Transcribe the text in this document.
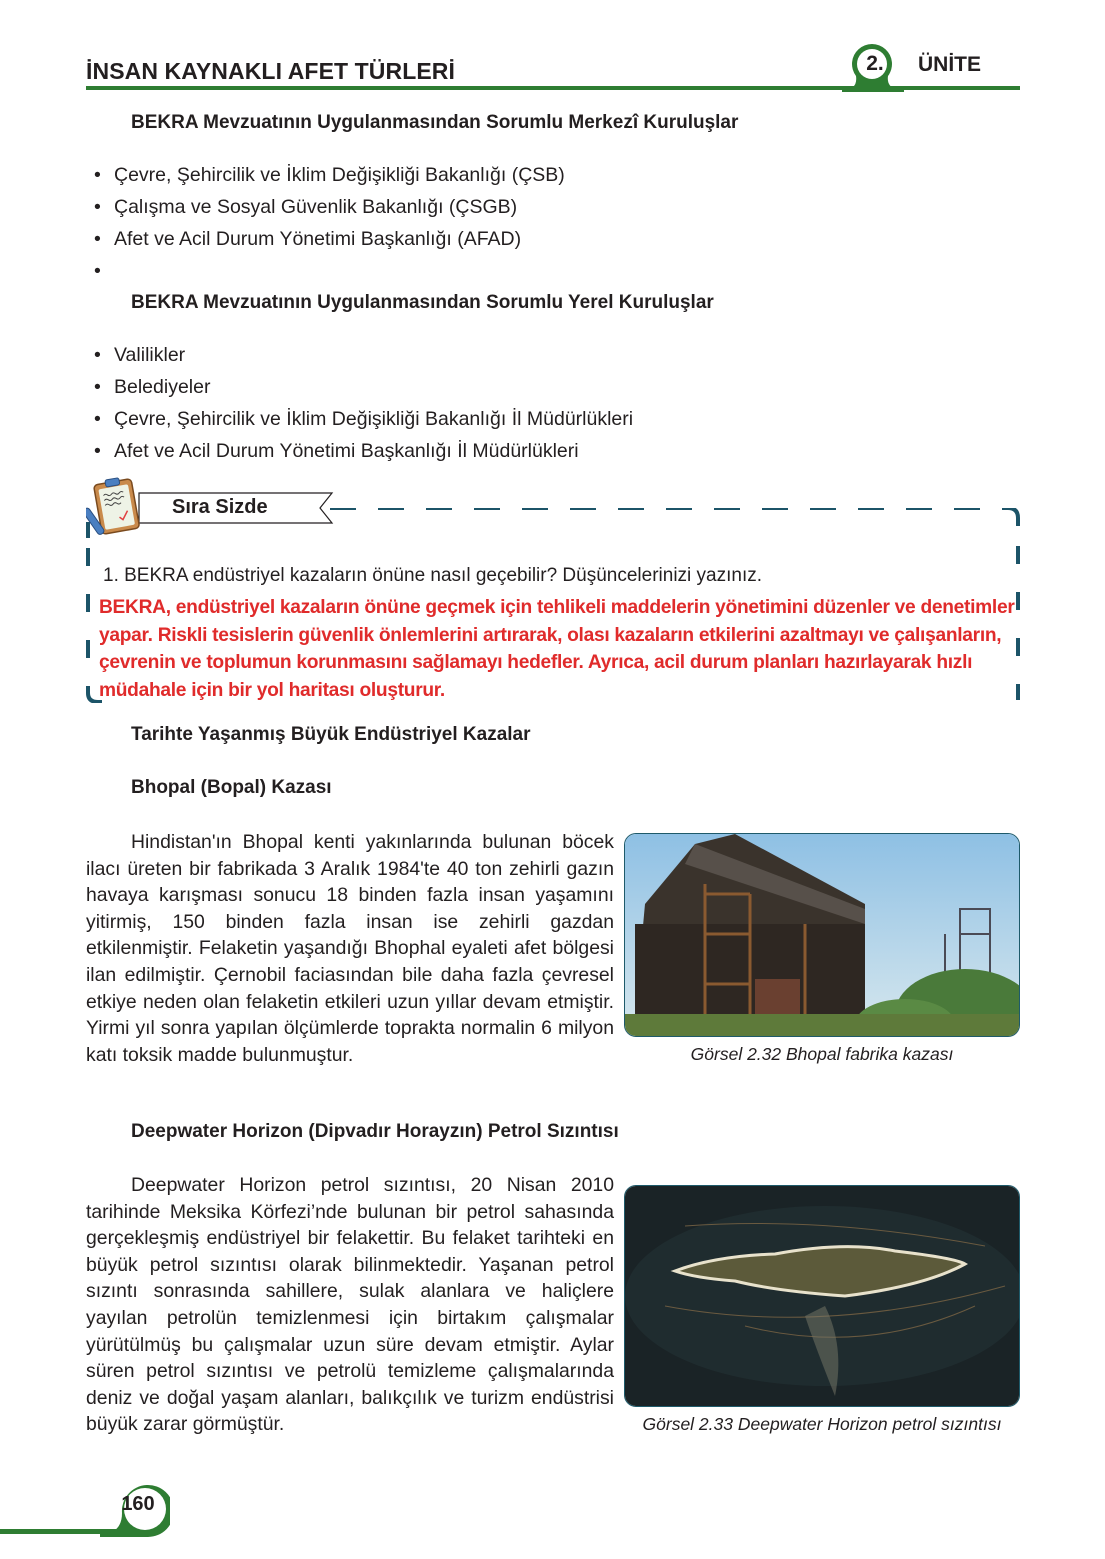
İNSAN KAYNAKLI AFET TÜRLERİ	2.	ÜNİTE
BEKRA Mevzuatının Uygulanmasından Sorumlu Merkezî Kuruluşlar
• Çevre, Şehircilik ve İklim Değişikliği Bakanlığı (ÇSB)
• Çalışma ve Sosyal Güvenlik Bakanlığı (ÇSGB)
• Afet ve Acil Durum Yönetimi Başkanlığı (AFAD)
•
BEKRA Mevzuatının Uygulanmasından Sorumlu Yerel Kuruluşlar
• Valilikler
• Belediyeler
• Çevre, Şehircilik ve İklim Değişikliği Bakanlığı İl Müdürlükleri
• Afet ve Acil Durum Yönetimi Başkanlığı İl Müdürlükleri
Sıra Sizde
1. BEKRA endüstriyel kazaların önüne nasıl geçebilir? Düşüncelerinizi yazınız.
BEKRA, endüstriyel kazaların önüne geçmek için tehlikeli maddelerin yönetimini düzenler ve denetimler yapar. Riskli tesislerin güvenlik önlemlerini artırarak, olası kazaların etkilerini azaltmayı ve çalışanların, çevrenin ve toplumun korunmasını sağlamayı hedefler. Ayrıca, acil durum planları hazırlayarak hızlı müdahale için bir yol haritası oluşturur.
Tarihte Yaşanmış Büyük Endüstriyel Kazalar
Bhopal (Bopal) Kazası
Hindistan'ın Bhopal kenti yakınlarında bulunan böcek ilacı üreten bir fabrikada 3 Aralık 1984'te 40 ton zehirli gazın havaya karışması sonucu 18 binden fazla insan yaşamını yitirmiş, 150 binden fazla insan ise zehirli gazdan etkilenmiştir. Felaketin yaşandığı Bhophal eyaleti afet bölgesi ilan edilmiştir. Çernobil faciasından bile daha fazla çevresel etkiye neden olan felaketin etkileri uzun yıllar devam etmiştir. Yirmi yıl sonra yapılan ölçümlerde toprakta normalin 6 milyon katı toksik madde bulunmuştur.	Görsel 2.32 Bhopal fabrika kazası
Deepwater Horizon (Dipvadır Horayzın) Petrol Sızıntısı
Deepwater Horizon petrol sızıntısı, 20 Nisan 2010 tarihinde Meksika Körfezi’nde bulunan bir petrol sahasında gerçekleşmiş endüstriyel bir felakettir. Bu felaket tarihteki en büyük petrol sızıntısı olarak bilinmektedir. Yaşanan petrol sızıntı sonrasında sahillere, sulak alanlara ve haliçlere yayılan petrolün temizlenmesi için birtakım çalışmalar yürütülmüş bu çalışmalar uzun süre devam etmiştir. Aylar süren petrol sızıntısı ve petrolü temizleme çalışmalarında deniz ve doğal yaşam alanları, balıkçılık ve turizm endüstrisi büyük zarar görmüştür.	Görsel 2.33 Deepwater Horizon petrol sızıntısı
160
